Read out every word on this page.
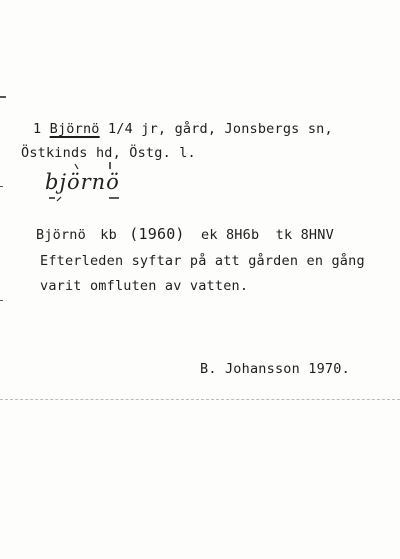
1 Björnö 1/4 jr, gård, Jonsbergs sn,
Östkinds hd, Östg. l.
björnö
Björnö kb (1960) ek 8H6b tk 8HNV
Efterleden syftar på att gården en gång
varit omfluten av vatten.
B. Johansson 1970.
